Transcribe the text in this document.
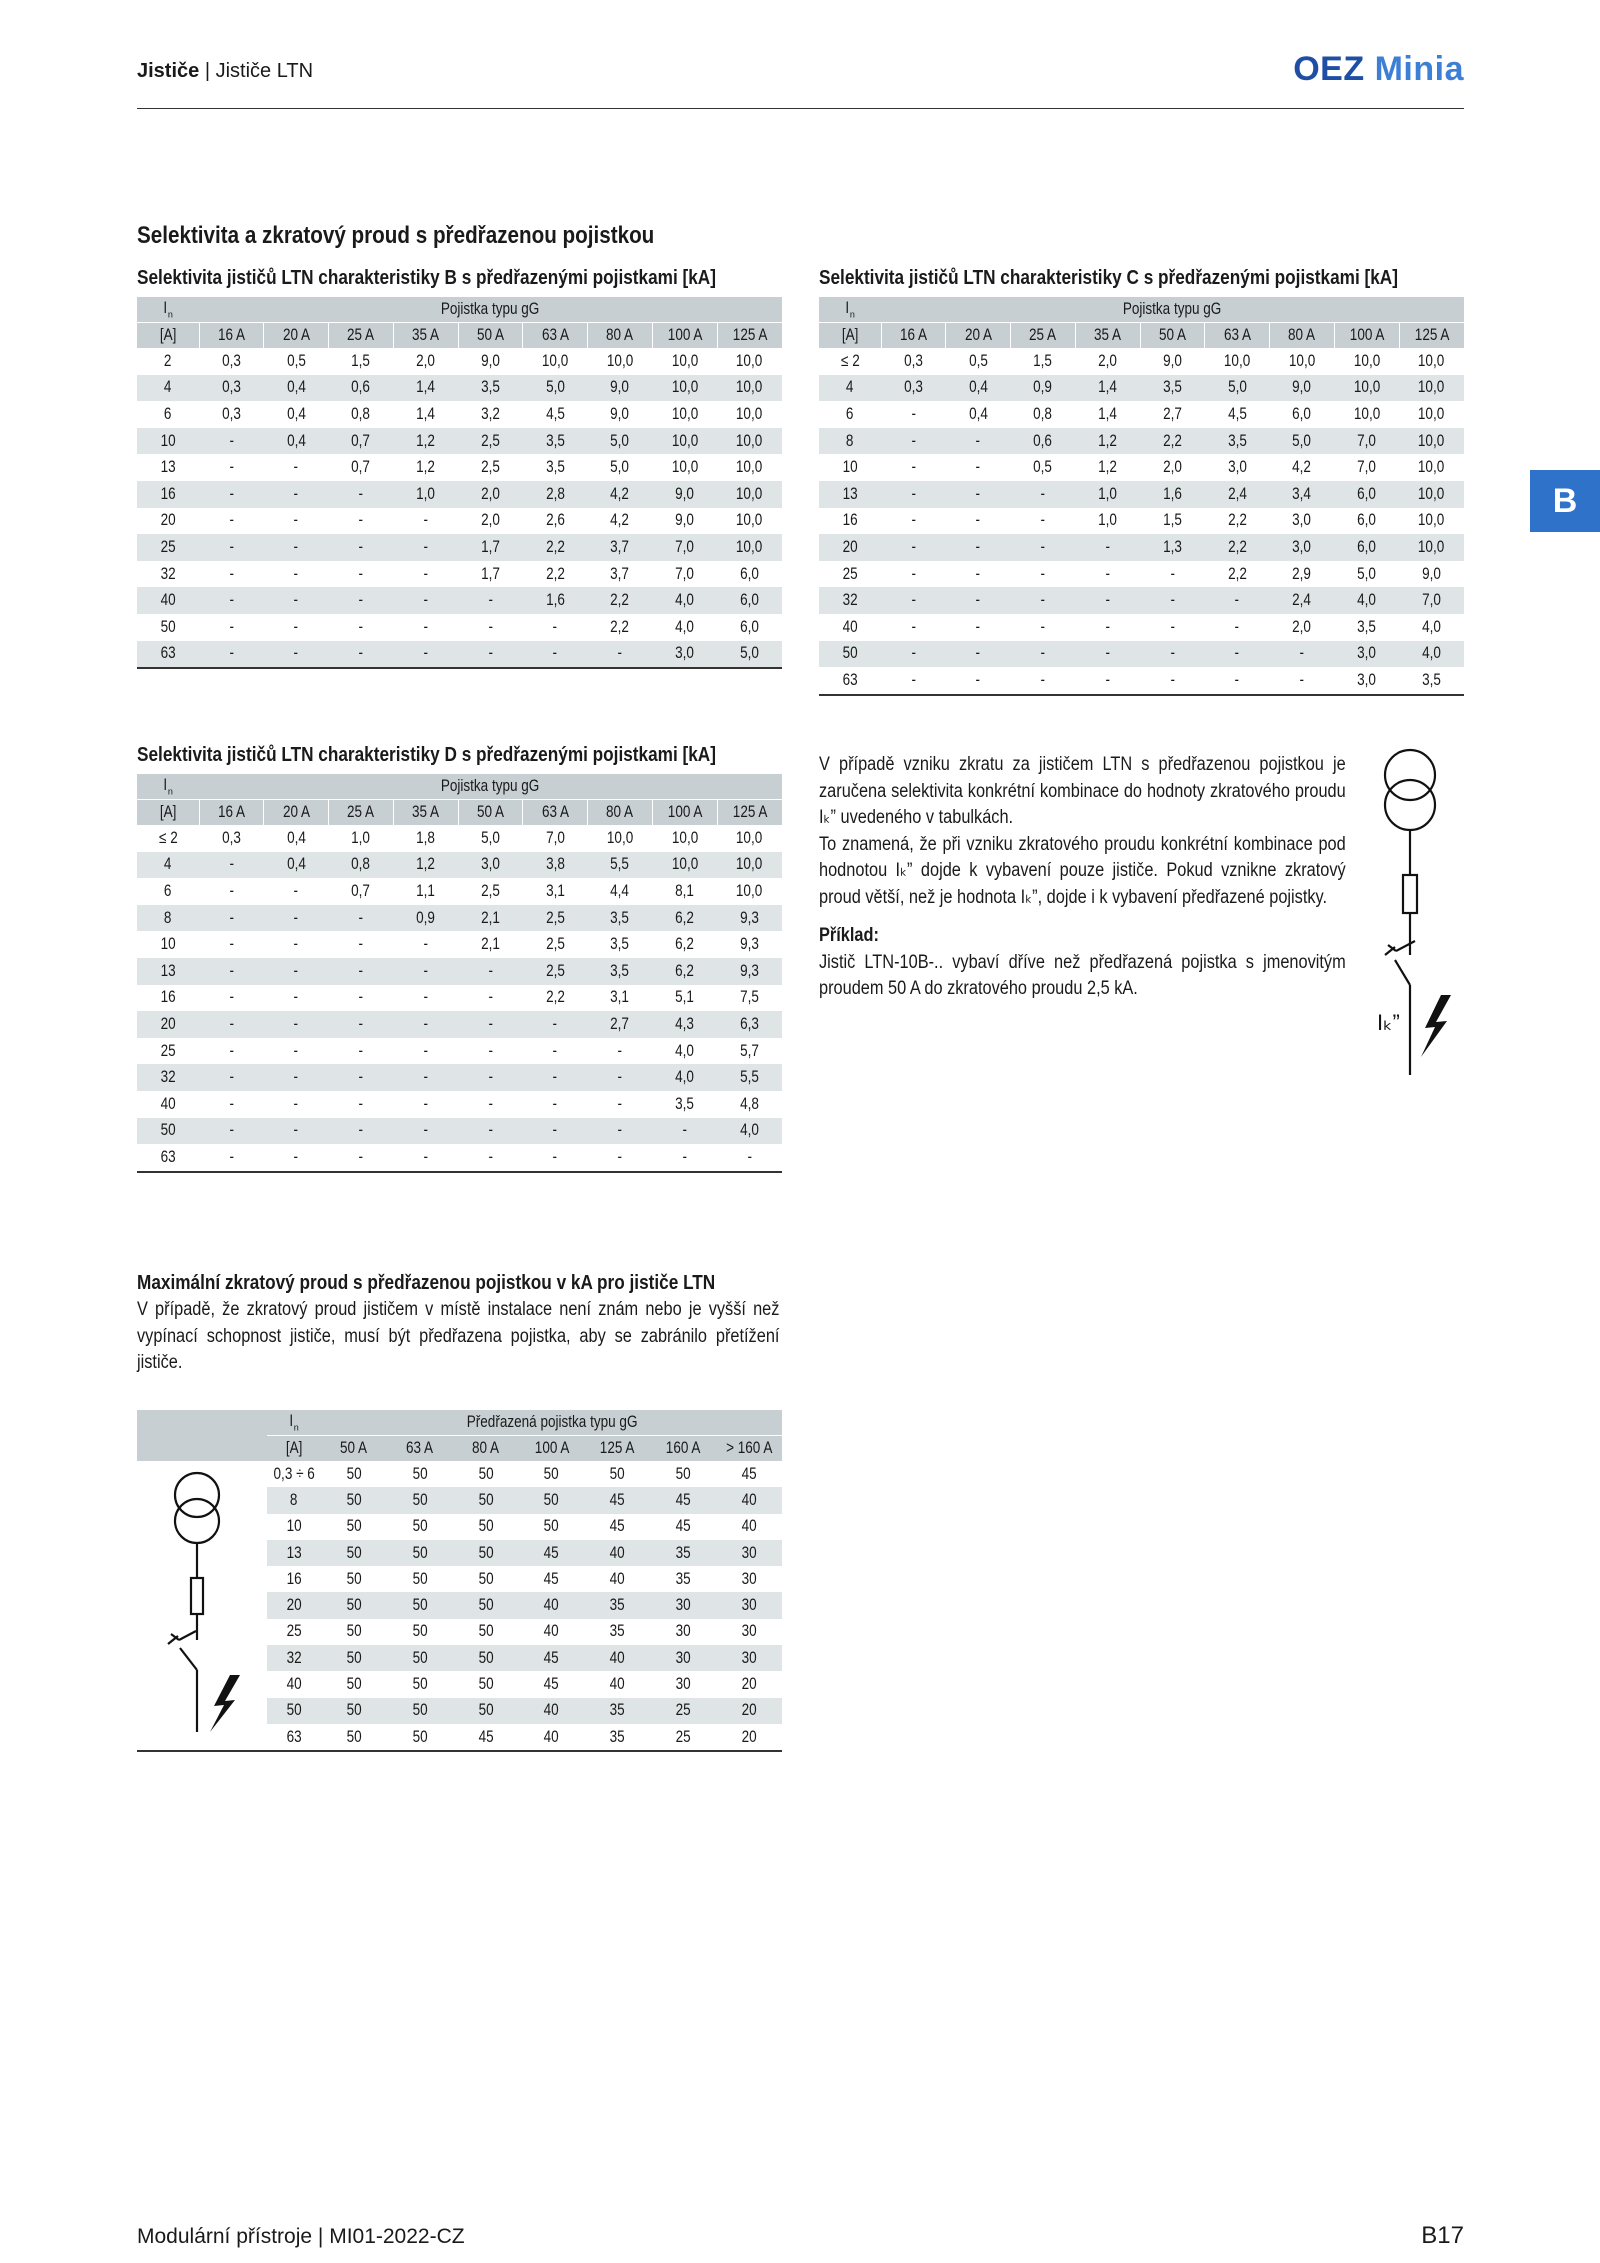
Jističe | Jističe LTN	OEZ Minia
B
Selektivita a zkratový proud s předřazenou pojistkou
Selektivita jističů LTN charakteristiky B s předřazenými pojistkami [kA]
$I_n$	Pojistka typu gG								
[A]	16 A	20 A	25 A	35 A	50 A	63 A	80 A	100 A	125 A
2	0,3	0,5	1,5	2,0	9,0	10,0	10,0	10,0	10,0
4	0,3	0,4	0,6	1,4	3,5	5,0	9,0	10,0	10,0
6	0,3	0,4	0,8	1,4	3,2	4,5	9,0	10,0	10,0
10	-	0,4	0,7	1,2	2,5	3,5	5,0	10,0	10,0
13	-	-	0,7	1,2	2,5	3,5	5,0	10,0	10,0
16	-	-	-	1,0	2,0	2,8	4,2	9,0	10,0
20	-	-	-	-	2,0	2,6	4,2	9,0	10,0
25	-	-	-	-	1,7	2,2	3,7	7,0	10,0
32	-	-	-	-	1,7	2,2	3,7	7,0	6,0
40	-	-	-	-	-	1,6	2,2	4,0	6,0
50	-	-	-	-	-	-	2,2	4,0	6,0
63	-	-	-	-	-	-	-	3,0	5,0
Selektivita jističů LTN charakteristiky C s předřazenými pojistkami [kA]
$I_n$	Pojistka typu gG								
[A]	16 A	20 A	25 A	35 A	50 A	63 A	80 A	100 A	125 A
≤ 2	0,3	0,5	1,5	2,0	9,0	10,0	10,0	10,0	10,0
4	0,3	0,4	0,9	1,4	3,5	5,0	9,0	10,0	10,0
6	-	0,4	0,8	1,4	2,7	4,5	6,0	10,0	10,0
8	-	-	0,6	1,2	2,2	3,5	5,0	7,0	10,0
10	-	-	0,5	1,2	2,0	3,0	4,2	7,0	10,0
13	-	-	-	1,0	1,6	2,4	3,4	6,0	10,0
16	-	-	-	1,0	1,5	2,2	3,0	6,0	10,0
20	-	-	-	-	1,3	2,2	3,0	6,0	10,0
25	-	-	-	-	-	2,2	2,9	5,0	9,0
32	-	-	-	-	-	-	2,4	4,0	7,0
40	-	-	-	-	-	-	2,0	3,5	4,0
50	-	-	-	-	-	-	-	3,0	4,0
63	-	-	-	-	-	-	-	3,0	3,5
Selektivita jističů LTN charakteristiky D s předřazenými pojistkami [kA]
$I_n$	Pojistka typu gG								
[A]	16 A	20 A	25 A	35 A	50 A	63 A	80 A	100 A	125 A
≤ 2	0,3	0,4	1,0	1,8	5,0	7,0	10,0	10,0	10,0
4	-	0,4	0,8	1,2	3,0	3,8	5,5	10,0	10,0
6	-	-	0,7	1,1	2,5	3,1	4,4	8,1	10,0
8	-	-	-	0,9	2,1	2,5	3,5	6,2	9,3
10	-	-	-	-	2,1	2,5	3,5	6,2	9,3
13	-	-	-	-	-	2,5	3,5	6,2	9,3
16	-	-	-	-	-	2,2	3,1	5,1	7,5
20	-	-	-	-	-	-	2,7	4,3	6,3
25	-	-	-	-	-	-	-	4,0	5,7
32	-	-	-	-	-	-	-	4,0	5,5
40	-	-	-	-	-	-	-	3,5	4,8
50	-	-	-	-	-	-	-	-	4,0
63	-	-	-	-	-	-	-	-	-
V případě vzniku zkratu za jističem LTN s předřazenou pojistkou je zaručena selektivita konkrétní kombinace do hodnoty zkratového proudu Iₖ” uvedeného v tabulkách.
To znamená, že při vzniku zkratového proudu konkrétní kombinace pod hodnotou Iₖ” dojde k vybavení pouze jističe. Pokud vznikne zkratový proud větší, než je hodnota Iₖ”, dojde i k vybavení předřazené pojistky.
Příklad:
Jistič LTN-10B-.. vybaví dříve než předřazená pojistka s jmenovitým proudem 50 A do zkratového proudu 2,5 kA.
Iₖ”
Maximální zkratový proud s předřazenou pojistkou v kA pro jističe LTN
V případě, že zkratový proud jističem v místě instalace není znám nebo je vyšší než vypínací schopnost jističe, musí být předřazena pojistka, aby se zabránilo přetížení jističe.
	$I_n$	Předřazená pojistka typu gG						
	[A]	50 A	63 A	80 A	100 A	125 A	160 A	> 160 A
	0,3 ÷ 6	50	50	50	50	50	50	45
	8	50	50	50	50	45	45	40
	10	50	50	50	50	45	45	40
	13	50	50	50	45	40	35	30
	16	50	50	50	45	40	35	30
	20	50	50	50	40	35	30	30
	25	50	50	50	40	35	30	30
	32	50	50	50	45	40	30	30
	40	50	50	50	45	40	30	20
	50	50	50	50	40	35	25	20
	63	50	50	45	40	35	25	20
Modulární přístroje | MI01-2022-CZ	B17
